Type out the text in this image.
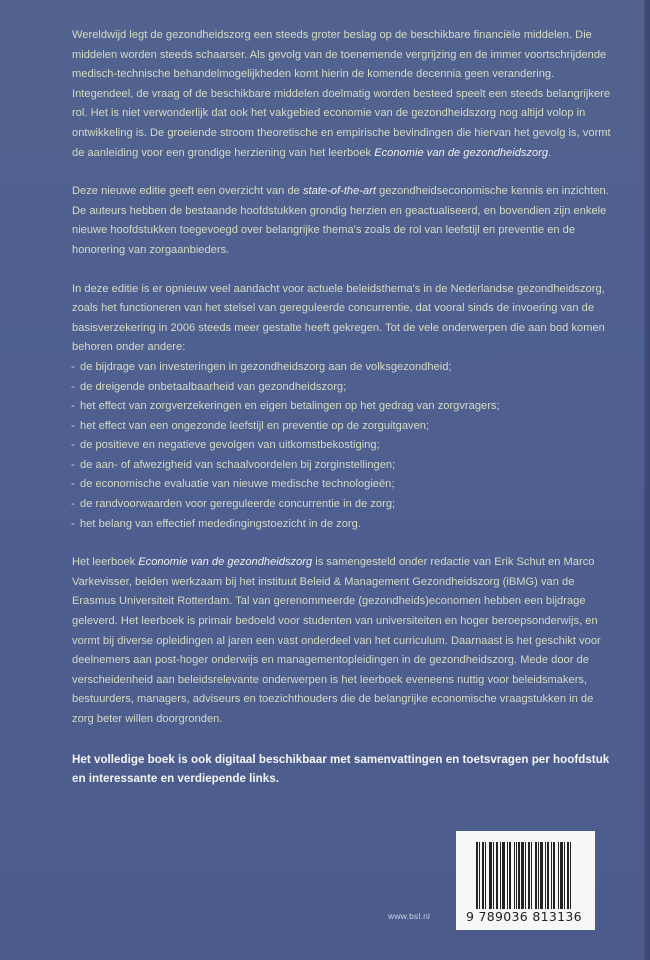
Wereldwijd legt de gezondheidszorg een steeds groter beslag op de beschikbare financiële middelen. Die middelen worden steeds schaarser. Als gevolg van de toenemende vergrijzing en de immer voortschrijdende medisch-technische behandelmogelijkheden komt hierin de komende decennia geen verandering. Integendeel, de vraag of de beschikbare middelen doelmatig worden besteed speelt een steeds belangrijkere rol. Het is niet verwonderlijk dat ook het vakgebied economie van de gezondheidszorg nog altijd volop in ontwikkeling is. De groeiende stroom theoretische en empirische bevindingen die hiervan het gevolg is, vormt de aanleiding voor een grondige herziening van het leerboek Economie van de gezondheidszorg.

Deze nieuwe editie geeft een overzicht van de state-of-the-art gezondheidseconomische kennis en inzichten. De auteurs hebben de bestaande hoofdstukken grondig herzien en geactualiseerd, en bovendien zijn enkele nieuwe hoofdstukken toegevoegd over belangrijke thema's zoals de rol van leefstijl en preventie en de honorering van zorgaanbieders.

In deze editie is er opnieuw veel aandacht voor actuele beleidsthema's in de Nederlandse gezondheidszorg, zoals het functioneren van het stelsel van gereguleerde concurrentie, dat vooral sinds de invoering van de basisverzekering in 2006 steeds meer gestalte heeft gekregen. Tot de vele onderwerpen die aan bod komen behoren onder andere:

- de bijdrage van investeringen in gezondheidszorg aan de volksgezondheid;
- de dreigende onbetaalbaarheid van gezondheidszorg;
- het effect van zorgverzekeringen en eigen betalingen op het gedrag van zorgvragers;
- het effect van een ongezonde leefstijl en preventie op de zorguitgaven;
- de positieve en negatieve gevolgen van uitkomstbekostiging;
- de aan- of afwezigheid van schaalvoordelen bij zorginstellingen;
- de economische evaluatie van nieuwe medische technologieën;
- de randvoorwaarden voor gereguleerde concurrentie in de zorg;
- het belang van effectief mededingingstoezicht in de zorg.

Het leerboek Economie van de gezondheidszorg is samengesteld onder redactie van Erik Schut en Marco Varkevisser, beiden werkzaam bij het instituut Beleid & Management Gezondheidszorg (iBMG) van de Erasmus Universiteit Rotterdam. Tal van gerenommeerde (gezondheids)economen hebben een bijdrage geleverd. Het leerboek is primair bedoeld voor studenten van universiteiten en hoger beroepsonderwijs, en vormt bij diverse opleidingen al jaren een vast onderdeel van het curriculum. Daarnaast is het geschikt voor deelnemers aan post-hoger onderwijs en managementopleidingen in de gezondheidszorg. Mede door de verscheidenheid aan beleidsrelevante onderwerpen is het leerboek eveneens nuttig voor beleidsmakers, bestuurders, managers, adviseurs en toezichthouders die de belangrijke economische vraagstukken in de zorg beter willen doorgronden.

Het volledige boek is ook digitaal beschikbaar met samenvattingen en toetsvragen per hoofdstuk en interessante en verdiepende links.

www.bsl.nl	9 789036 813136
